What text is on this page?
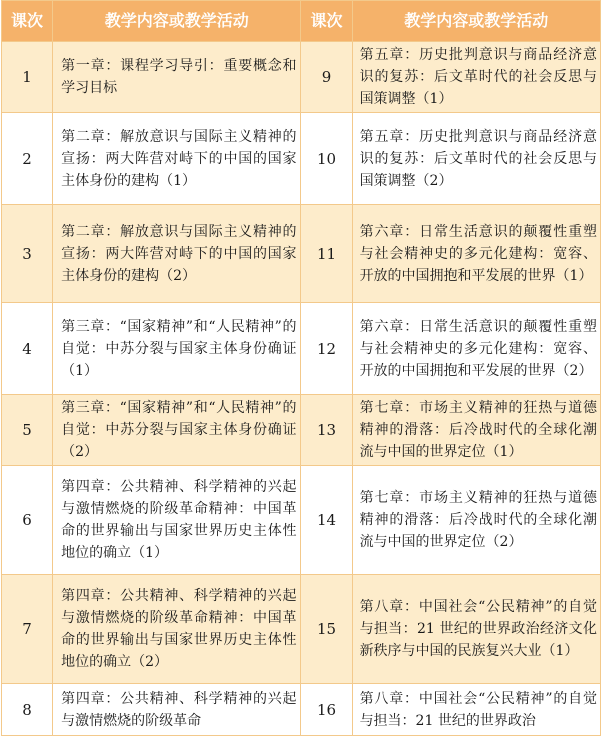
课次	教学内容或教学活动	课次	教学内容或教学活动
1	第一章：课程学习导引：重要概念和学习目标	9	第五章：历史批判意识与商品经济意识的复苏：后文革时代的社会反思与国策调整（1）
2	第二章：解放意识与国际主义精神的宣扬：两大阵营对峙下的中国的国家主体身份的建构（1）	10	第五章：历史批判意识与商品经济意识的复苏：后文革时代的社会反思与国策调整（2）
3	第二章：解放意识与国际主义精神的宣扬：两大阵营对峙下的中国的国家主体身份的建构（2）	11	第六章：日常生活意识的颠覆性重塑与社会精神史的多元化建构：宽容、开放的中国拥抱和平发展的世界（1）
4	第三章：“国家精神”和“人民精神”的自觉：中苏分裂与国家主体身份确证（1）	12	第六章：日常生活意识的颠覆性重塑与社会精神史的多元化建构：宽容、开放的中国拥抱和平发展的世界（2）
5	第三章：“国家精神”和“人民精神”的自觉：中苏分裂与国家主体身份确证（2）	13	第七章：市场主义精神的狂热与道德精神的滑落：后冷战时代的全球化潮流与中国的世界定位（1）
6	第四章：公共精神、科学精神的兴起与激情燃烧的阶级革命精神：中国革命的世界输出与国家世界历史主体性地位的确立（1）	14	第七章：市场主义精神的狂热与道德精神的滑落：后冷战时代的全球化潮流与中国的世界定位（2）
7	第四章：公共精神、科学精神的兴起与激情燃烧的阶级革命精神：中国革命的世界输出与国家世界历史主体性地位的确立（2）	15	第八章：中国社会“公民精神”的自觉与担当：21 世纪的世界政治经济文化新秩序与中国的民族复兴大业（1）
8	第四章：公共精神、科学精神的兴起与激情燃烧的阶级革命	16	第八章：中国社会“公民精神”的自觉与担当：21 世纪的世界政治
